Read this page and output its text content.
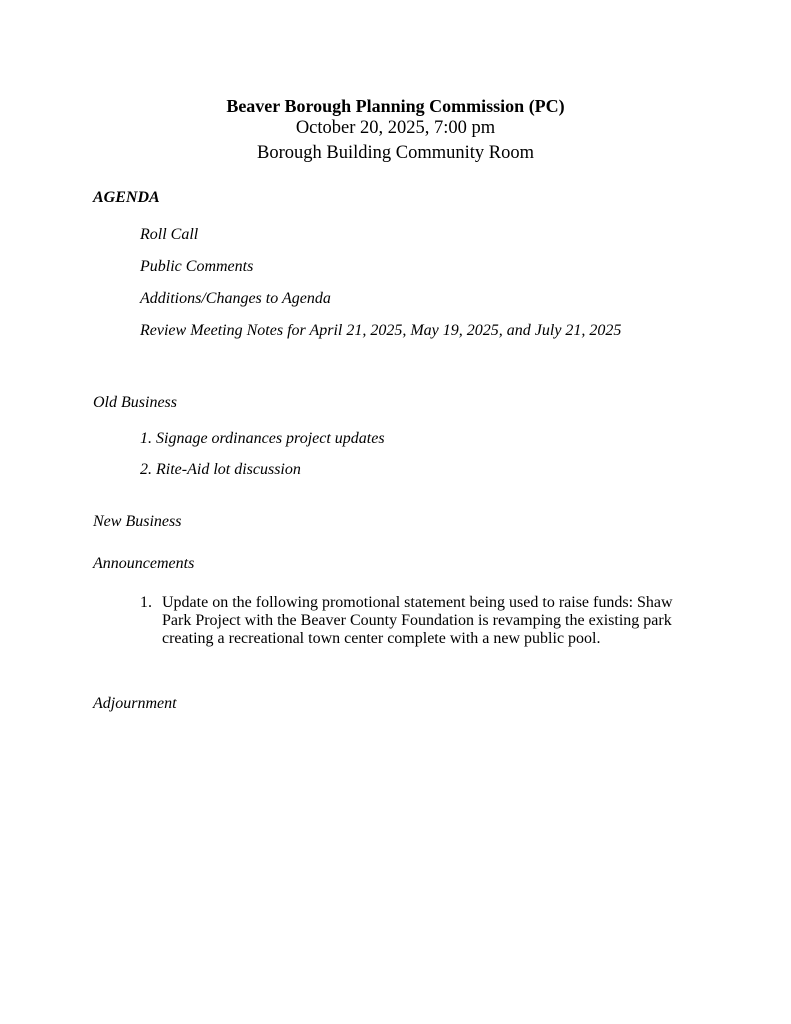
Beaver Borough Planning Commission (PC)
October 20, 2025, 7:00 pm
Borough Building Community Room
AGENDA
Roll Call
Public Comments
Additions/Changes to Agenda
Review Meeting Notes for April 21, 2025, May 19, 2025, and July 21, 2025
Old Business
1. Signage ordinances project updates
2. Rite-Aid lot discussion
New Business
Announcements
1. Update on the following promotional statement being used to raise funds: Shaw Park Project with the Beaver County Foundation is revamping the existing park creating a recreational town center complete with a new public pool.
Adjournment
